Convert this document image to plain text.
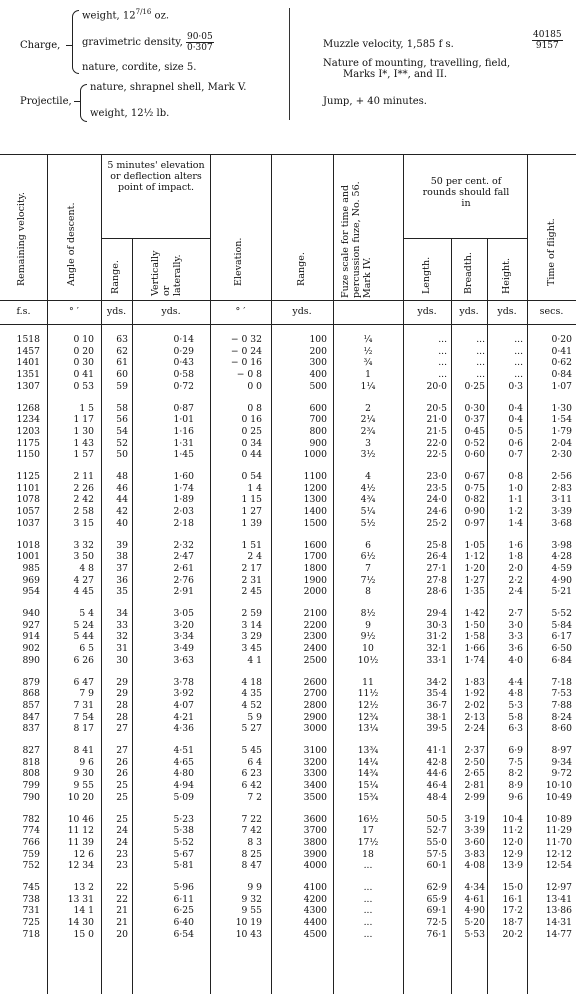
Charge,
weight, $12^{7/16}$ oz.
gravimetric density, $\frac{90\cdot 05}{0\cdot 307}$
nature, cordite, size 5.
Projectile,
nature, shrapnel shell, Mark V.
weight, 12½ lb.
Muzzle velocity, 1,585 f s.
Nature of mounting, travelling, field,
Marks I*, I**, and II.
Jump, + 40 minutes.
$\frac{40185}{9157}$
Remaining velocity.	Angle of descent.
5 minutes' elevation or deflection alters point of impact.
Range.	Vertically or laterally.	Elevation.	Range.	Fuze scale for time and percussion fuze, No. 56. Mark IV.
50 per cent. of rounds should fall in
Length.	Breadth.	Height.	Time of flight.
f.s.	° ′	yds.	yds.	° ′	yds.	yds.	yds.	yds.	secs.
1518	0 10	63	0·14	− 0 32	100	¼	...	...	...	0·20
1457	0 20	62	0·29	− 0 24	200	½	...	...	...	0·41
1401	0 30	61	0·43	− 0 16	300	¾	...	...	...	0·62
1351	0 41	60	0·58	− 0 8	400	1	...	...	...	0·84
1307	0 53	59	0·72	0 0	500	1¼	20·0	0·25	0·3	1·07
1268	1 5	58	0·87	0 8	600	2	20·5	0·30	0·4	1·30
1234	1 17	56	1·01	0 16	700	2¼	21·0	0·37	0·4	1·54
1203	1 30	54	1·16	0 25	800	2¾	21·5	0·45	0·5	1·79
1175	1 43	52	1·31	0 34	900	3	22·0	0·52	0·6	2·04
1150	1 57	50	1·45	0 44	1000	3½	22·5	0·60	0·7	2·30
1125	2 11	48	1·60	0 54	1100	4	23·0	0·67	0·8	2·56
1101	2 26	46	1·74	1 4	1200	4½	23·5	0·75	1·0	2·83
1078	2 42	44	1·89	1 15	1300	4¾	24·0	0·82	1·1	3·11
1057	2 58	42	2·03	1 27	1400	5¼	24·6	0·90	1·2	3·39
1037	3 15	40	2·18	1 39	1500	5½	25·2	0·97	1·4	3·68
1018	3 32	39	2·32	1 51	1600	6	25·8	1·05	1·6	3·98
1001	3 50	38	2·47	2 4	1700	6½	26·4	1·12	1·8	4·28
985	4 8	37	2·61	2 17	1800	7	27·1	1·20	2·0	4·59
969	4 27	36	2·76	2 31	1900	7½	27·8	1·27	2·2	4·90
954	4 45	35	2·91	2 45	2000	8	28·6	1·35	2·4	5·21
940	5 4	34	3·05	2 59	2100	8½	29·4	1·42	2·7	5·52
927	5 24	33	3·20	3 14	2200	9	30·3	1·50	3·0	5·84
914	5 44	32	3·34	3 29	2300	9½	31·2	1·58	3·3	6·17
902	6 5	31	3·49	3 45	2400	10	32·1	1·66	3·6	6·50
890	6 26	30	3·63	4 1	2500	10½	33·1	1·74	4·0	6·84
879	6 47	29	3·78	4 18	2600	11	34·2	1·83	4·4	7·18
868	7 9	29	3·92	4 35	2700	11½	35·4	1·92	4·8	7·53
857	7 31	28	4·07	4 52	2800	12½	36·7	2·02	5·3	7·88
847	7 54	28	4·21	5 9	2900	12¾	38·1	2·13	5·8	8·24
837	8 17	27	4·36	5 27	3000	13¼	39·5	2·24	6·3	8·60
827	8 41	27	4·51	5 45	3100	13¾	41·1	2·37	6·9	8·97
818	9 6	26	4·65	6 4	3200	14¼	42·8	2·50	7·5	9·34
808	9 30	26	4·80	6 23	3300	14¾	44·6	2·65	8·2	9·72
799	9 55	25	4·94	6 42	3400	15¼	46·4	2·81	8·9	10·10
790	10 20	25	5·09	7 2	3500	15¾	48·4	2·99	9·6	10·49
782	10 46	25	5·23	7 22	3600	16½	50·5	3·19	10·4	10·89
774	11 12	24	5·38	7 42	3700	17	52·7	3·39	11·2	11·29
766	11 39	24	5·52	8 3	3800	17½	55·0	3·60	12·0	11·70
759	12 6	23	5·67	8 25	3900	18	57·5	3·83	12·9	12·12
752	12 34	23	5·81	8 47	4000	...	60·1	4·08	13·9	12·54
745	13 2	22	5·96	9 9	4100	...	62·9	4·34	15·0	12·97
738	13 31	22	6·11	9 32	4200	...	65·9	4·61	16·1	13·41
731	14 1	21	6·25	9 55	4300	...	69·1	4·90	17·2	13·86
725	14 30	21	6·40	10 19	4400	...	72·5	5·20	18·7	14·31
718	15 0	20	6·54	10 43	4500	...	76·1	5·53	20·2	14·77
